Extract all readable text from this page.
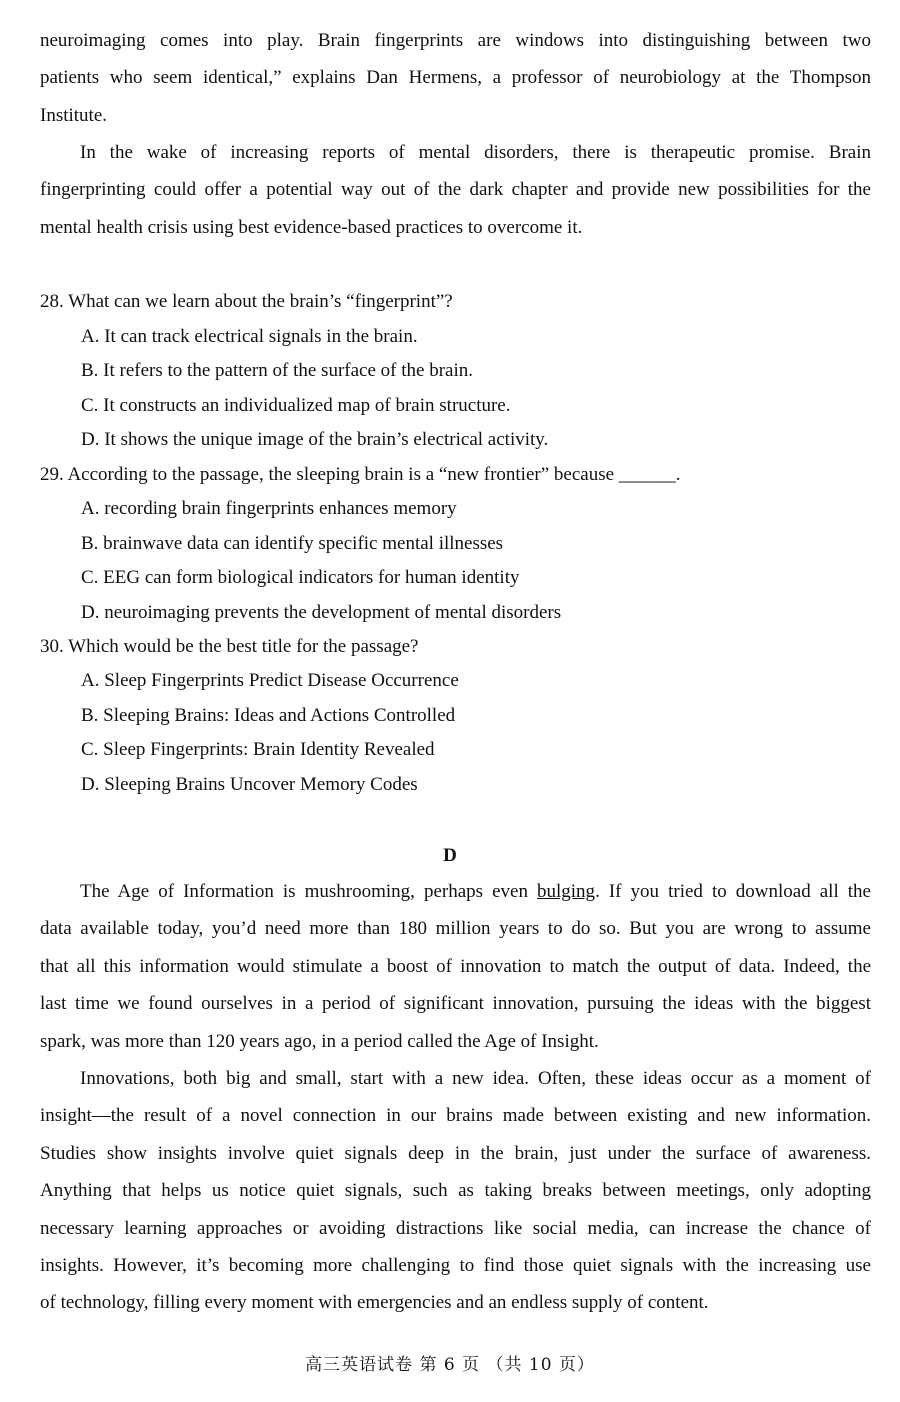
neuroimaging comes into play. Brain fingerprints are windows into distinguishing between two
patients who seem identical,” explains Dan Hermens, a professor of neurobiology at the Thompson
Institute.
In the wake of increasing reports of mental disorders, there is therapeutic promise. Brain
fingerprinting could offer a potential way out of the dark chapter and provide new possibilities for the
mental health crisis using best evidence-based practices to overcome it.

28. What can we learn about the brain’s “fingerprint”?

A. It can track electrical signals in the brain.

B. It refers to the pattern of the surface of the brain.

C. It constructs an individualized map of brain structure.

D. It shows the unique image of the brain’s electrical activity.

29. According to the passage, the sleeping brain is a “new frontier” because ______.

A. recording brain fingerprints enhances memory

B. brainwave data can identify specific mental illnesses

C. EEG can form biological indicators for human identity

D. neuroimaging prevents the development of mental disorders

30. Which would be the best title for the passage?

A. Sleep Fingerprints Predict Disease Occurrence

B. Sleeping Brains: Ideas and Actions Controlled

C. Sleep Fingerprints: Brain Identity Revealed

D. Sleeping Brains Uncover Memory Codes

D
The Age of Information is mushrooming, perhaps even bulging. If you tried to download all the
data available today, you’d need more than 180 million years to do so. But you are wrong to assume
that all this information would stimulate a boost of innovation to match the output of data. Indeed, the
last time we found ourselves in a period of significant innovation, pursuing the ideas with the biggest
spark, was more than 120 years ago, in a period called the Age of Insight.
Innovations, both big and small, start with a new idea. Often, these ideas occur as a moment of
insight—the result of a novel connection in our brains made between existing and new information.
Studies show insights involve quiet signals deep in the brain, just under the surface of awareness.
Anything that helps us notice quiet signals, such as taking breaks between meetings, only adopting
necessary learning approaches or avoiding distractions like social media, can increase the chance of
insights. However, it’s becoming more challenging to find those quiet signals with the increasing use
of technology, filling every moment with emergencies and an endless supply of content.
高三英语试卷 第 6 页 （共 10 页）
